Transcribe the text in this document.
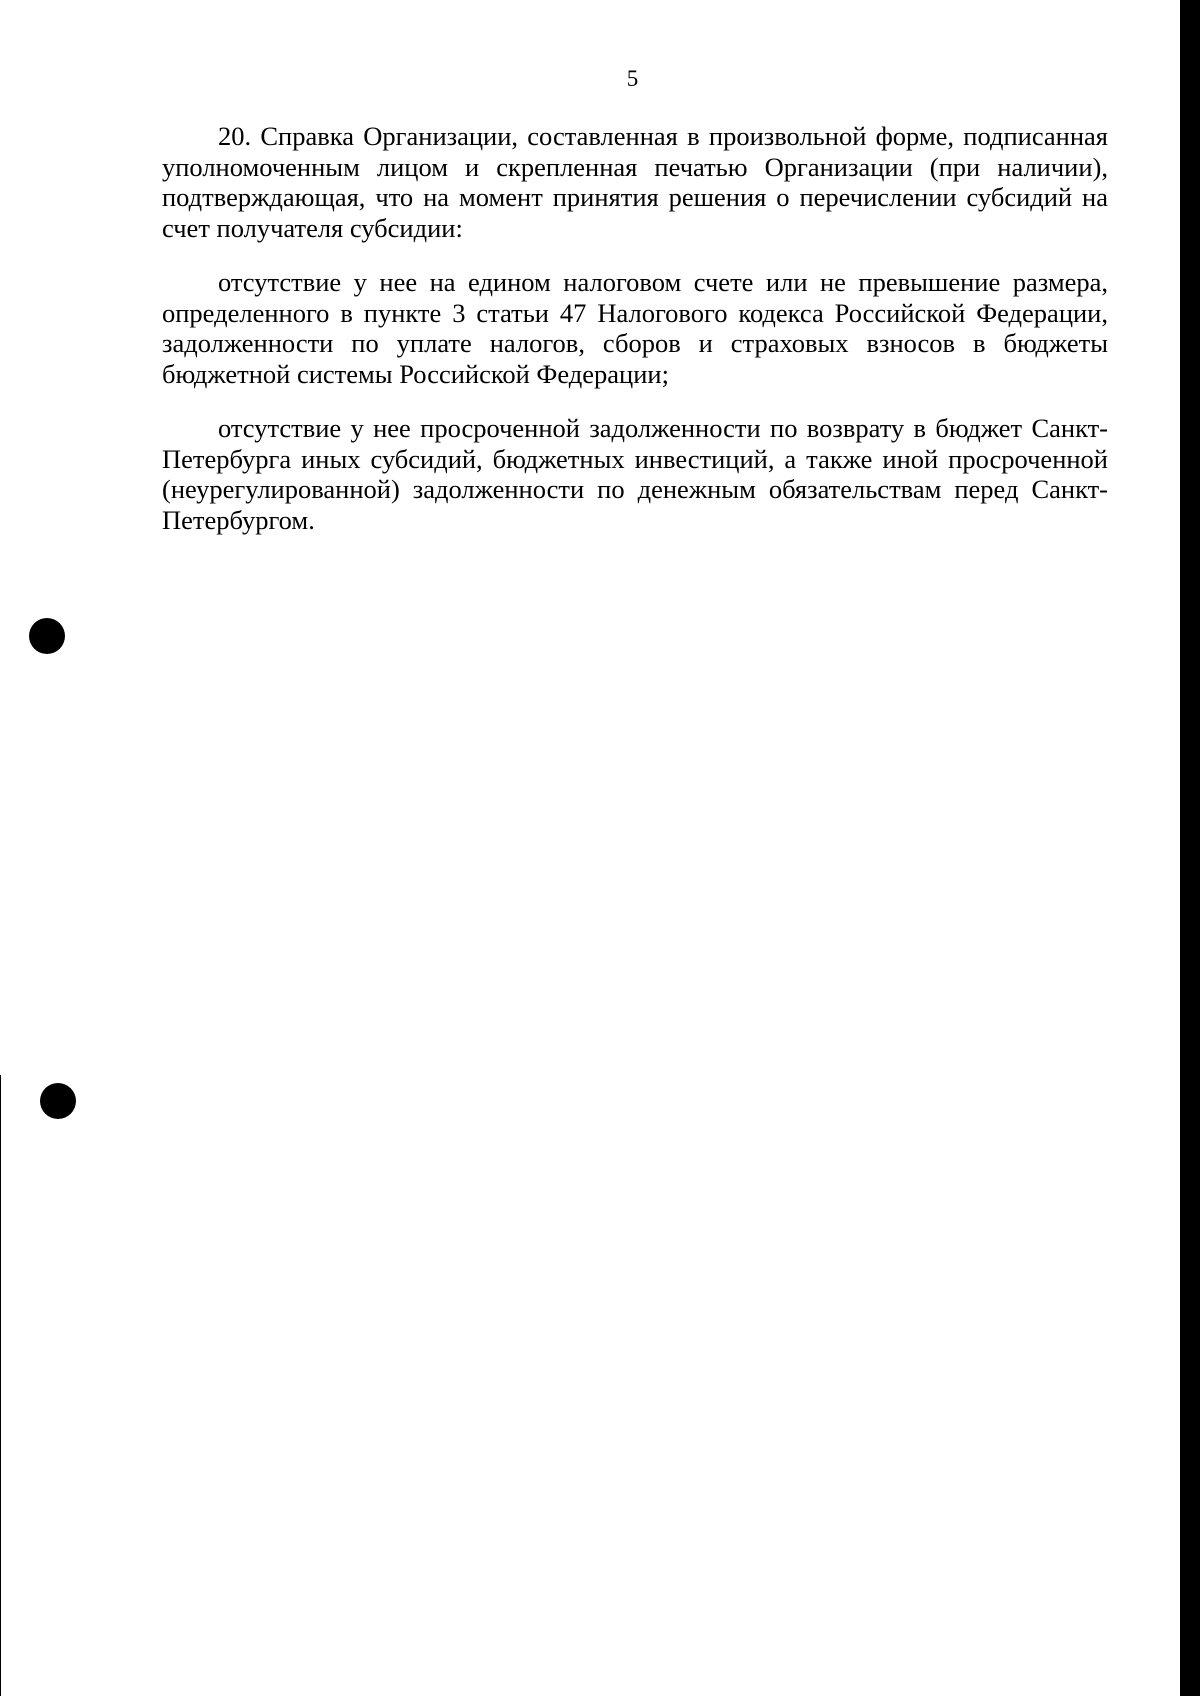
5

20. Справка Организации, составленная в произвольной форме, подписанная уполномоченным лицом и скрепленная печатью Организации (при наличии), подтверждающая, что на момент принятия решения о перечислении субсидий на счет получателя субсидии:

отсутствие у нее на едином налоговом счете или не превышение размера, определенного в пункте 3 статьи 47 Налогового кодекса Российской Федерации, задолженности по уплате налогов, сборов и страховых взносов в бюджеты бюджетной системы Российской Федерации;

отсутствие у нее просроченной задолженности по возврату в бюджет Санкт-Петербурга иных субсидий, бюджетных инвестиций, а также иной просроченной (неурегулированной) задолженности по денежным обязательствам перед Санкт-Петербургом.
